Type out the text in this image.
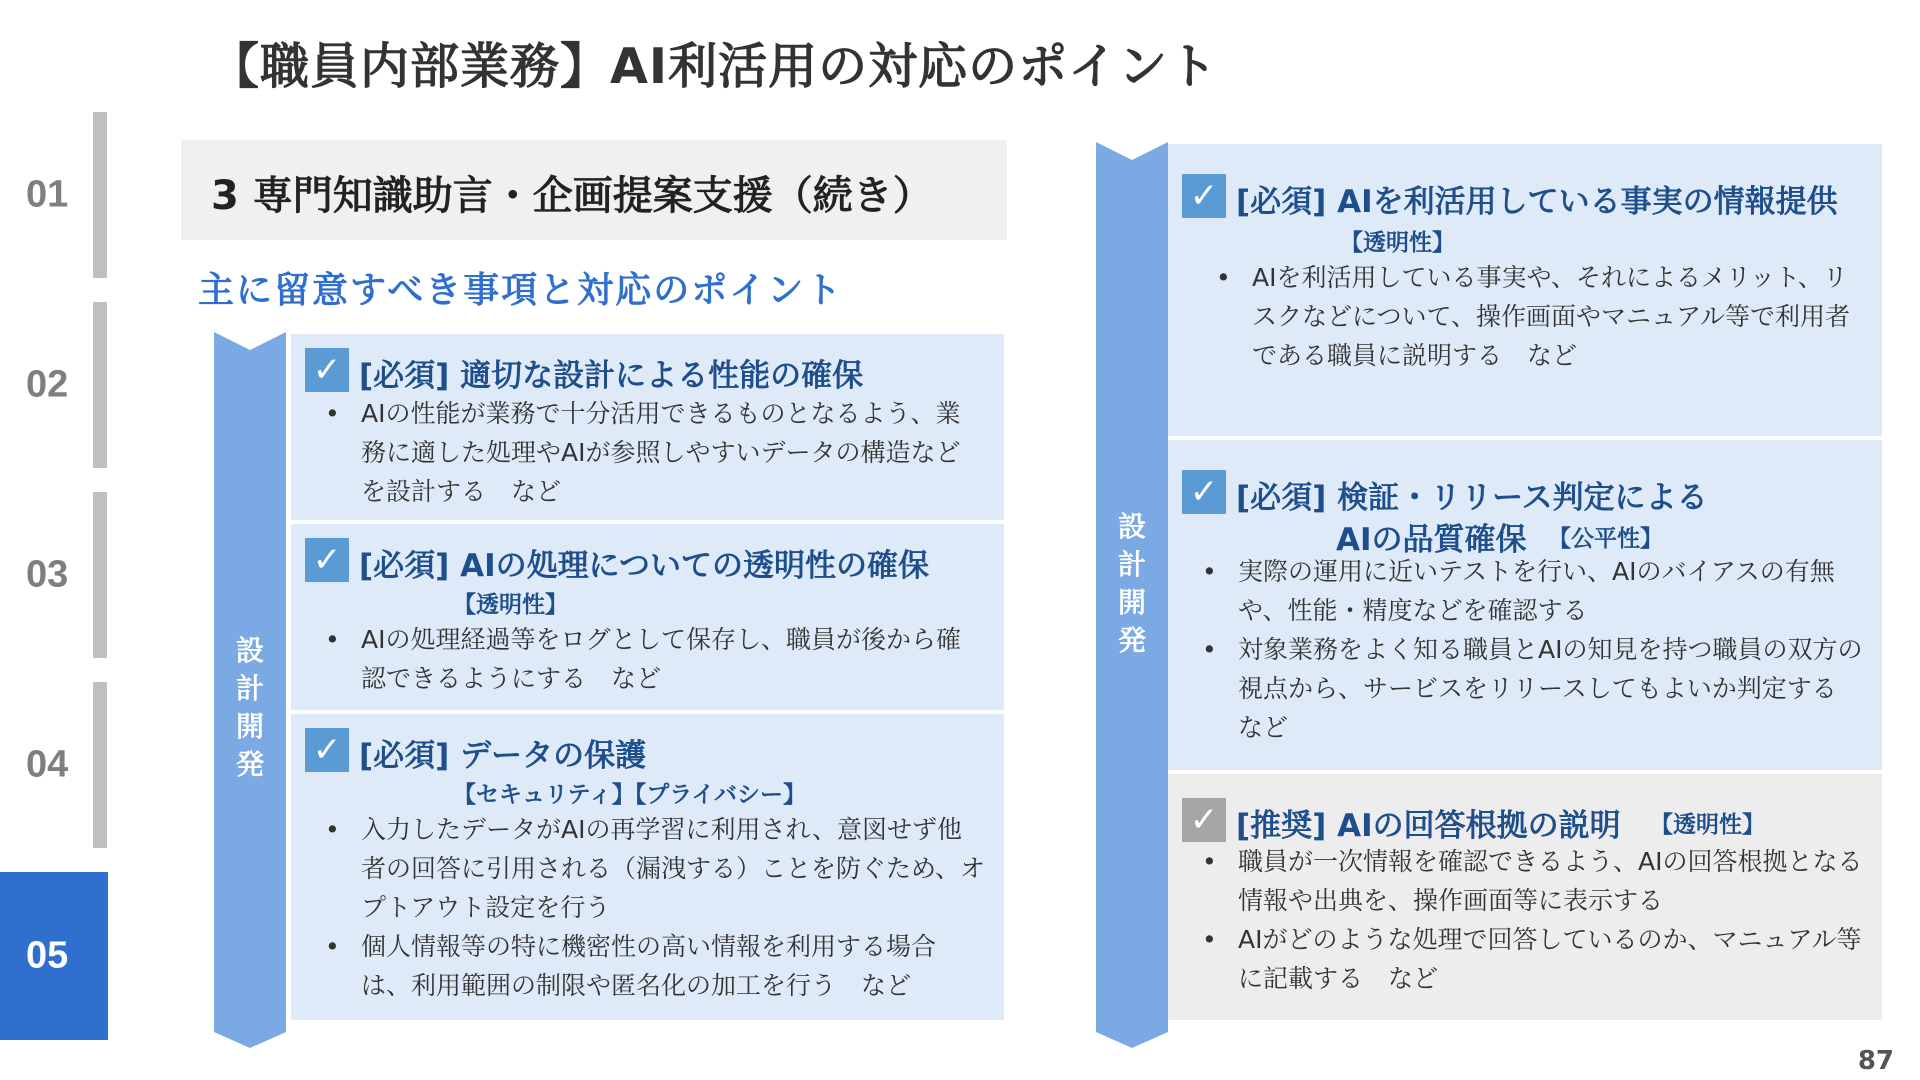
【職員内部業務】AI利活用の対応のポイント
01
02
03
04
05
3 専門知識助言・企画提案支援（続き）
主に留意すべき事項と対応のポイント
設
計
開
発
✓ [必須] 適切な設計による性能の確保
• AIの性能が業務で十分活用できるものとなるよう、業務に適した処理やAIが参照しやすいデータの構造などを設計する　など
✓ [必須] AIの処理についての透明性の確保
【透明性】
• AIの処理経過等をログとして保存し、職員が後から確認できるようにする　など
✓ [必須] データの保護
【セキュリティ】【プライバシー】
• 入力したデータがAIの再学習に利用され、意図せず他者の回答に引用される（漏洩する）ことを防ぐため、オプトアウト設定を行う
• 個人情報等の特に機密性の高い情報を利用する場合は、利用範囲の制限や匿名化の加工を行う　など
設
計
開
発
✓ [必須] AIを利活用している事実の情報提供
【透明性】
• AIを利活用している事実や、それによるメリット、リスクなどについて、操作画面やマニュアル等で利用者である職員に説明する　など
✓ [必須] 検証・リリース判定による
AIの品質確保 【公平性】
• 実際の運用に近いテストを行い、AIのバイアスの有無や、性能・精度などを確認する
• 対象業務をよく知る職員とAIの知見を持つ職員の双方の視点から、サービスをリリースしてもよいか判定する　など
✓ [推奨] AIの回答根拠の説明 【透明性】
• 職員が一次情報を確認できるよう、AIの回答根拠となる情報や出典を、操作画面等に表示する
• AIがどのような処理で回答しているのか、マニュアル等に記載する　など
87
